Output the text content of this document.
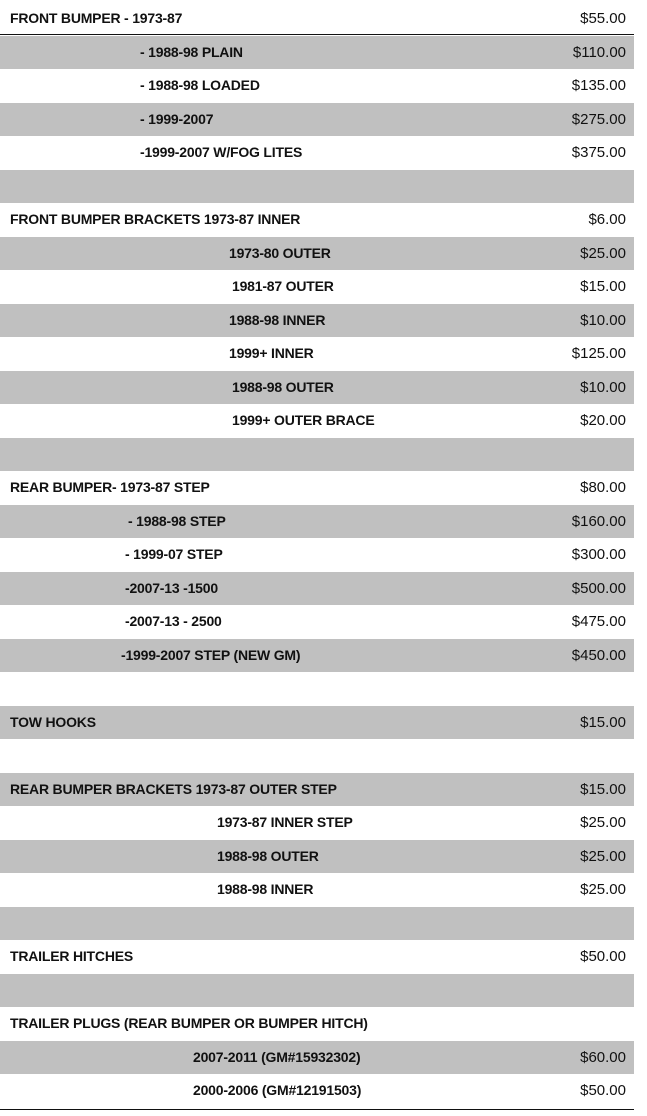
FRONT BUMPER - 1973-87	$55.00
- 1988-98 PLAIN	$110.00
- 1988-98 LOADED	$135.00
- 1999-2007	$275.00
-1999-2007 W/FOG LITES	$375.00
FRONT BUMPER BRACKETS 1973-87 INNER	$6.00
1973-80 OUTER	$25.00
1981-87 OUTER	$15.00
1988-98 INNER	$10.00
1999+ INNER	$125.00
1988-98 OUTER	$10.00
1999+ OUTER BRACE	$20.00
REAR BUMPER- 1973-87 STEP	$80.00
- 1988-98 STEP	$160.00
- 1999-07 STEP	$300.00
-2007-13 -1500	$500.00
-2007-13 - 2500	$475.00
-1999-2007 STEP (NEW GM)	$450.00
TOW HOOKS	$15.00
REAR BUMPER BRACKETS 1973-87 OUTER STEP	$15.00
1973-87 INNER STEP	$25.00
1988-98 OUTER	$25.00
1988-98 INNER	$25.00
TRAILER HITCHES	$50.00
TRAILER PLUGS (REAR BUMPER OR BUMPER HITCH)
2007-2011 (GM#15932302)	$60.00
2000-2006 (GM#12191503)	$50.00
